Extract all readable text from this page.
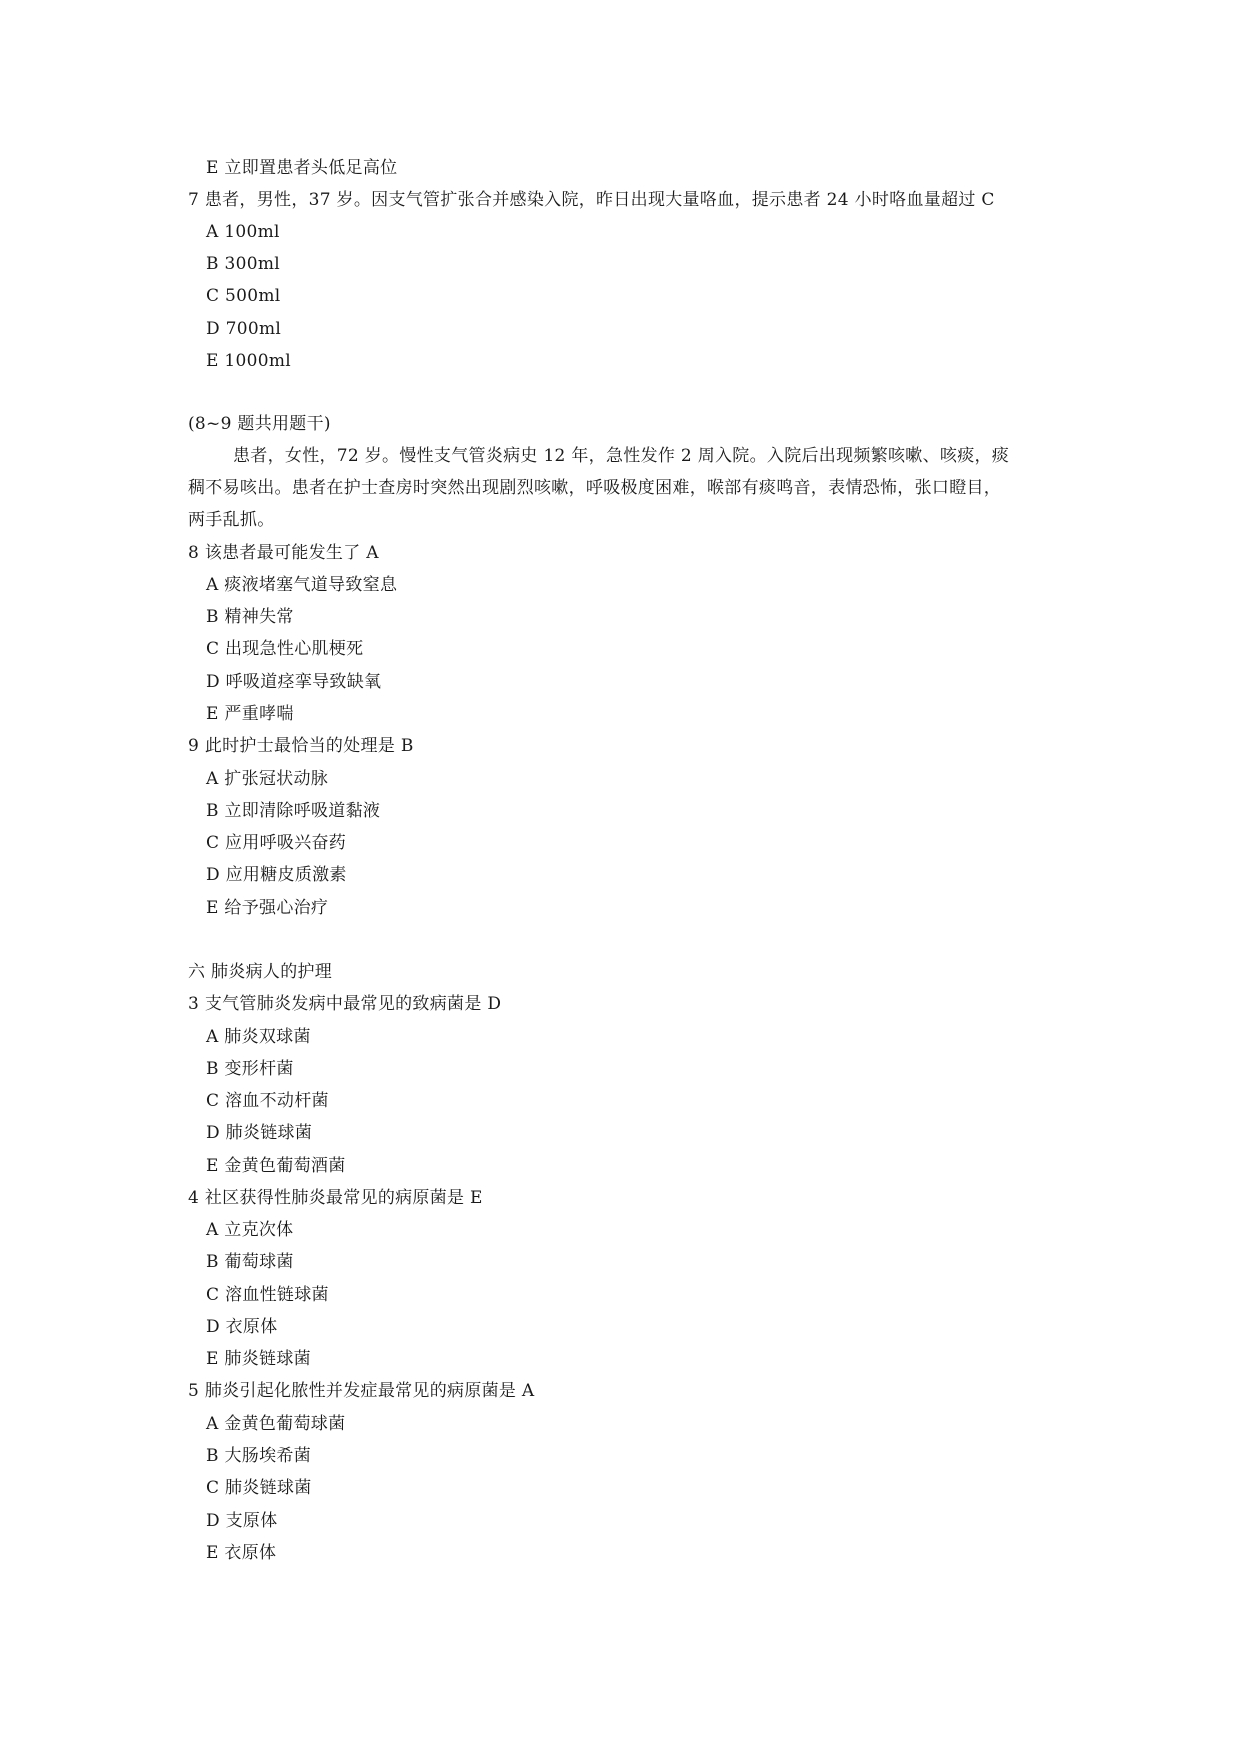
E 立即置患者头低足高位
7 患者，男性，37 岁。因支气管扩张合并感染入院，昨日出现大量咯血，提示患者 24 小时咯血量超过 C
A 100ml
B 300ml
C 500ml
D 700ml
E 1000ml
(8~9 题共用题干)
患者，女性，72 岁。慢性支气管炎病史 12 年，急性发作 2 周入院。入院后出现频繁咳嗽、咳痰，痰
稠不易咳出。患者在护士查房时突然出现剧烈咳嗽，呼吸极度困难，喉部有痰鸣音，表情恐怖，张口瞪目，
两手乱抓。
8 该患者最可能发生了 A
A 痰液堵塞气道导致窒息
B 精神失常
C 出现急性心肌梗死
D 呼吸道痉挛导致缺氧
E 严重哮喘
9 此时护士最恰当的处理是 B
A 扩张冠状动脉
B 立即清除呼吸道黏液
C 应用呼吸兴奋药
D 应用糖皮质激素
E 给予强心治疗
六 肺炎病人的护理
3 支气管肺炎发病中最常见的致病菌是 D
A 肺炎双球菌
B 变形杆菌
C 溶血不动杆菌
D 肺炎链球菌
E 金黄色葡萄酒菌
4 社区获得性肺炎最常见的病原菌是 E
A 立克次体
B 葡萄球菌
C 溶血性链球菌
D 衣原体
E 肺炎链球菌
5 肺炎引起化脓性并发症最常见的病原菌是 A
A 金黄色葡萄球菌
B 大肠埃希菌
C 肺炎链球菌
D 支原体
E 衣原体
